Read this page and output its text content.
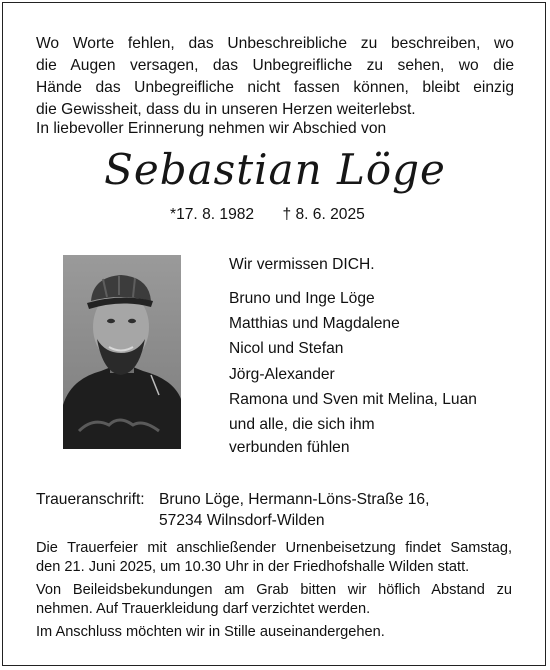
Wo Worte fehlen, das Unbeschreibliche zu beschreiben, wo
die Augen versagen, das Unbegreifliche zu sehen, wo die
Hände das Unbegreifliche nicht fassen können, bleibt einzig
die Gewissheit, dass du in unseren Herzen weiterlebst.
In liebevoller Erinnerung nehmen wir Abschied von
Sebastian Löge
*17. 8. 1982 † 8. 6. 2025
Wir vermissen DICH.
Bruno und Inge Löge
Matthias und Magdalene
Nicol und Stefan
Jörg-Alexander
Ramona und Sven mit Melina, Luan
und alle, die sich ihm
verbunden fühlen
Traueranschrift: Bruno Löge, Hermann-Löns-Straße 16,
57234 Wilnsdorf-Wilden
Die Trauerfeier mit anschließender Urnenbeisetzung findet Samstag,
den 21. Juni 2025, um 10.30 Uhr in der Friedhofshalle Wilden statt.
Von Beileidsbekundungen am Grab bitten wir höflich Abstand zu
nehmen. Auf Trauerkleidung darf verzichtet werden.
Im Anschluss möchten wir in Stille auseinandergehen.
